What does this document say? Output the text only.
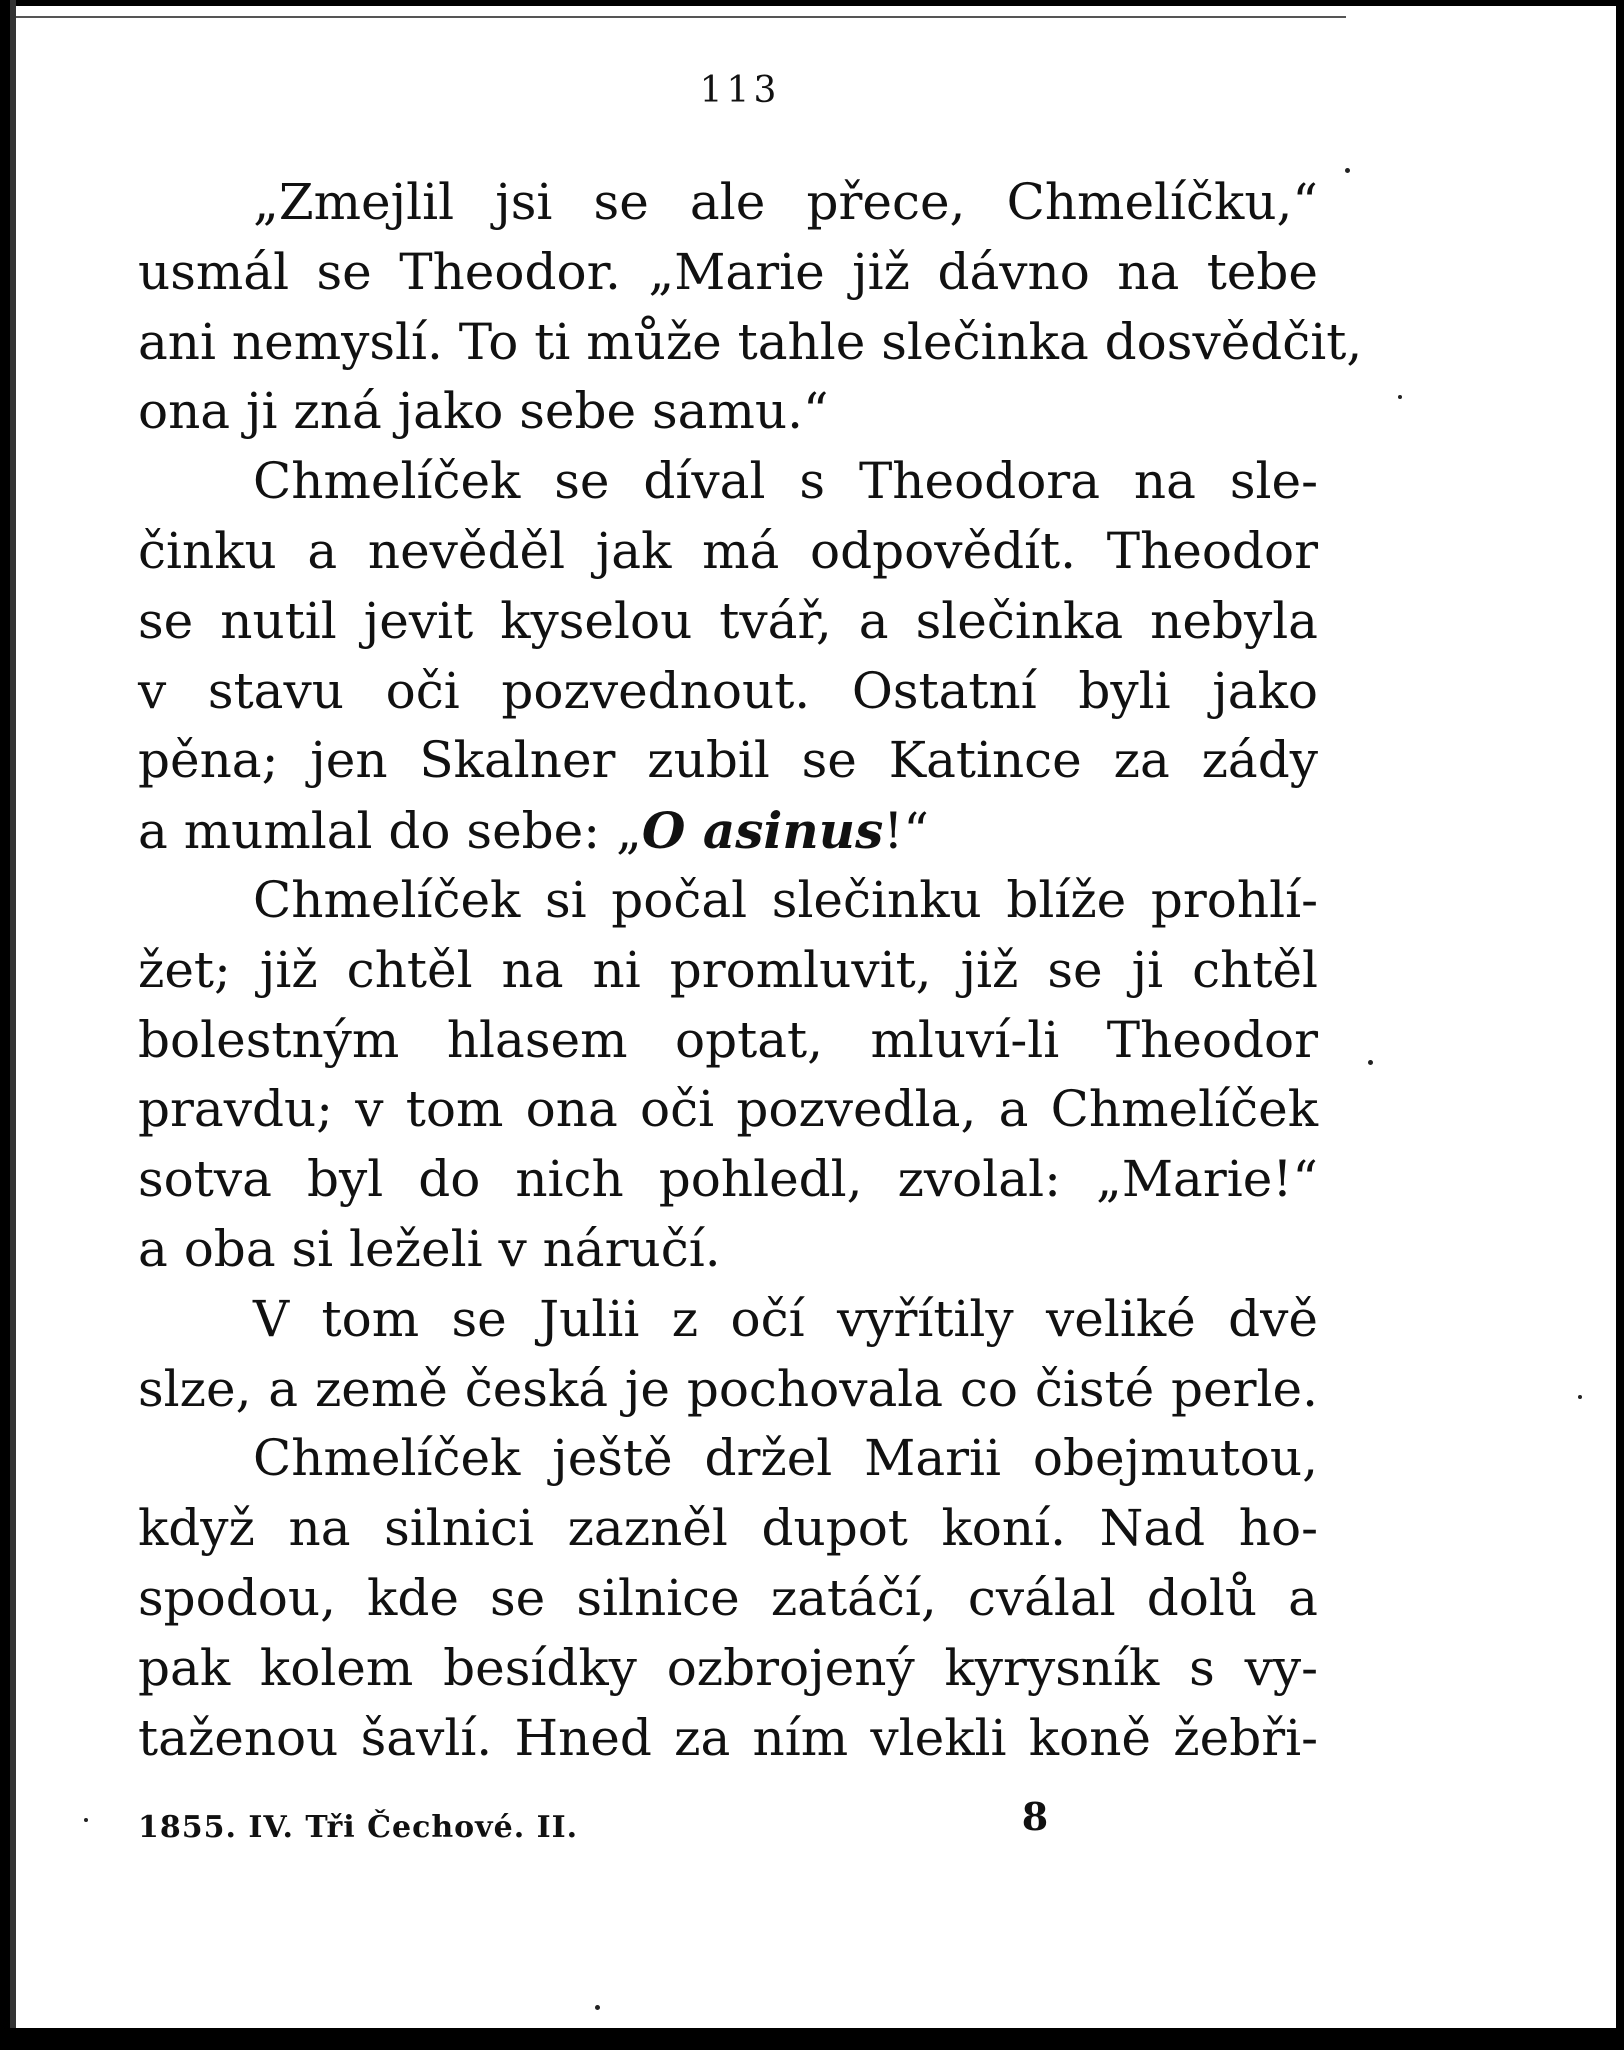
113
„Zmejlil jsi se ale přece, Chmelíčku,“
usmál se Theodor. „Marie již dávno na tebe
ani nemyslí. To ti může tahle slečinka dosvědčit,
ona ji zná jako sebe samu.“
Chmelíček se díval s Theodora na sle-
činku a nevěděl jak má odpovědít. Theodor
se nutil jevit kyselou tvář, a slečinka nebyla
v stavu oči pozvednout. Ostatní byli jako
pěna; jen Skalner zubil se Katince za zády
a mumlal do sebe: „O asinus!“
Chmelíček si počal slečinku blíže prohlí-
žet; již chtěl na ni promluvit, již se ji chtěl
bolestným hlasem optat, mluví-li Theodor
pravdu; v tom ona oči pozvedla, a Chmelíček
sotva byl do nich pohledl, zvolal: „Marie!“
a oba si leželi v náručí.
V tom se Julii z očí vyřítily veliké dvě
slze, a země česká je pochovala co čisté perle.
Chmelíček ještě držel Marii obejmutou,
když na silnici zazněl dupot koní. Nad ho-
spodou, kde se silnice zatáčí, cválal dolů a
pak kolem besídky ozbrojený kyrysník s vy-
taženou šavlí. Hned za ním vlekli koně žebři-
1855. IV. Tři Čechové. II.	8
